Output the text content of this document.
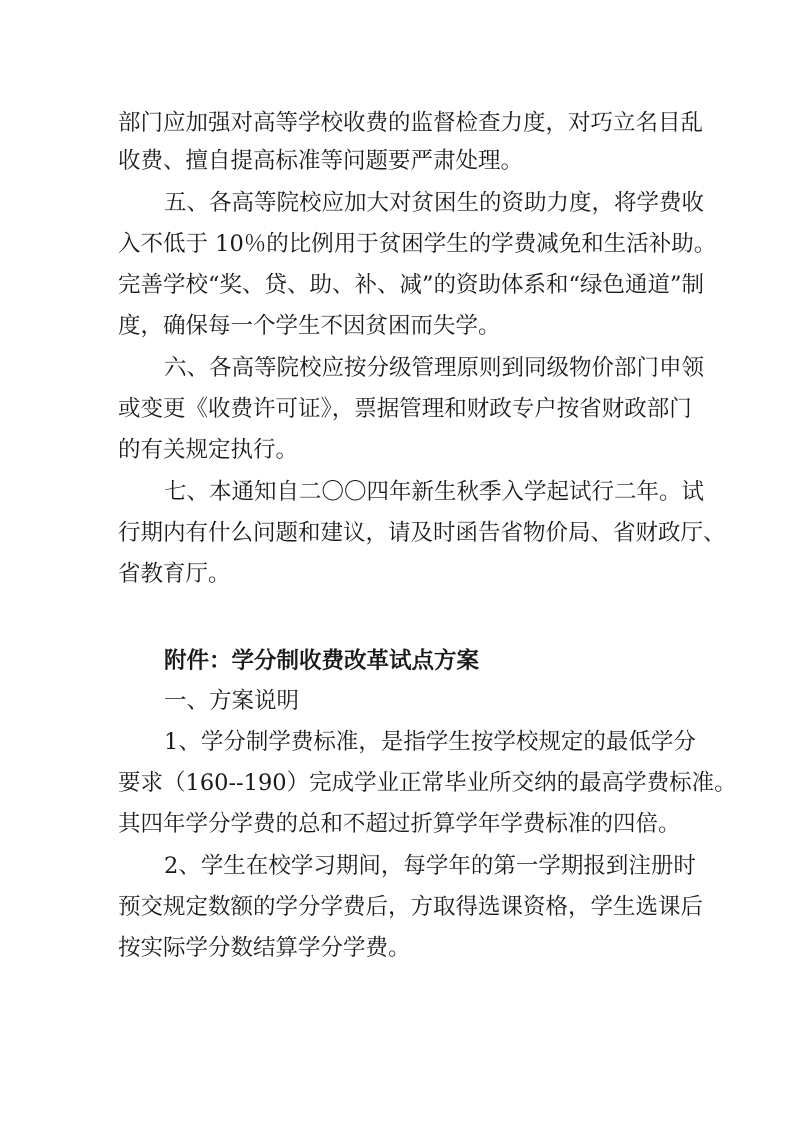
部门应加强对高等学校收费的监督检查力度，对巧立名目乱
收费、擅自提高标准等问题要严肃处理。
五、各高等院校应加大对贫困生的资助力度，将学费收
入不低于 10％的比例用于贫困学生的学费减免和生活补助。
完善学校“奖、贷、助、补、减”的资助体系和“绿色通道”制
度，确保每一个学生不因贫困而失学。
六、各高等院校应按分级管理原则到同级物价部门申领
或变更《收费许可证》，票据管理和财政专户按省财政部门
的有关规定执行。
七、本通知自二〇〇四年新生秋季入学起试行二年。试
行期内有什么问题和建议，请及时函告省物价局、省财政厅、
省教育厅。
附件：学分制收费改革试点方案
一、方案说明
1、学分制学费标准，是指学生按学校规定的最低学分
要求（160--190）完成学业正常毕业所交纳的最高学费标准。
其四年学分学费的总和不超过折算学年学费标准的四倍。
2、学生在校学习期间，每学年的第一学期报到注册时
预交规定数额的学分学费后，方取得选课资格，学生选课后
按实际学分数结算学分学费。
